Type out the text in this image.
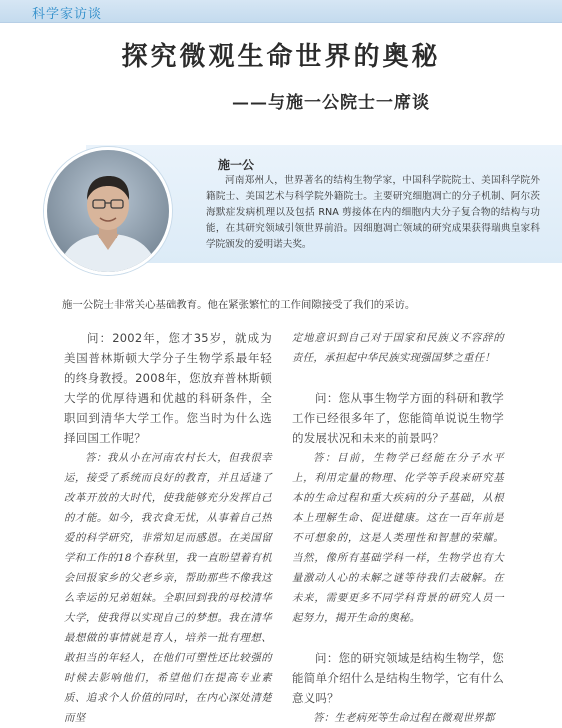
科学家访谈
探究微观生命世界的奥秘
——与施一公院士一席谈
施一公

河南郑州人，世界著名的结构生物学家，中国科学院院士、美国科学院外籍院士、美国艺术与科学院外籍院士。主要研究细胞凋亡的分子机制、阿尔茨海默症发病机理以及包括 RNA 剪接体在内的细胞内大分子复合物的结构与功能，在其研究领域引领世界前沿。因细胞凋亡领域的研究成果获得瑞典皇家科学院颁发的爱明诺夫奖。

施一公院士非常关心基础教育。他在紧张繁忙的工作间隙接受了我们的采访。

问：2002年，您才35岁，就成为美国普林斯顿大学分子生物学系最年轻的终身教授。2008年，您放弃普林斯顿大学的优厚待遇和优越的科研条件，全职回到清华大学工作。您当时为什么选择回国工作呢？

答：我从小在河南农村长大，但我很幸运，接受了系统而良好的教育，并且适逢了改革开放的大时代，使我能够充分发挥自己的才能。如今，我衣食无忧，从事着自己热爱的科学研究，非常知足而感恩。在美国留学和工作的18个春秋里，我一直盼望着有机会回报家乡的父老乡亲，帮助那些不像我这么幸运的兄弟姐妹。全职回到我的母校清华大学，使我得以实现自己的梦想。我在清华最想做的事情就是育人，培养一批有理想、敢担当的年轻人，在他们可塑性还比较强的时候去影响他们，希望他们在提高专业素质、追求个人价值的同时，在内心深处清楚而坚

定地意识到自己对于国家和民族义不容辞的责任，承担起中华民族实现强国梦之重任！

问：您从事生物学方面的科研和教学工作已经很多年了，您能简单说说生物学的发展状况和未来的前景吗？

答：目前，生物学已经能在分子水平上，利用定量的物理、化学等手段来研究基本的生命过程和重大疾病的分子基础，从根本上理解生命、促进健康。这在一百年前是不可想象的，这是人类理性和智慧的荣耀。当然，像所有基础学科一样，生物学也有大量激动人心的未解之谜等待我们去破解。在未来，需要更多不同学科背景的研究人员一起努力，揭开生命的奥秘。

问：您的研究领域是结构生物学，您能简单介绍什么是结构生物学，它有什么意义吗？

答：生老病死等生命过程在微观世界都
